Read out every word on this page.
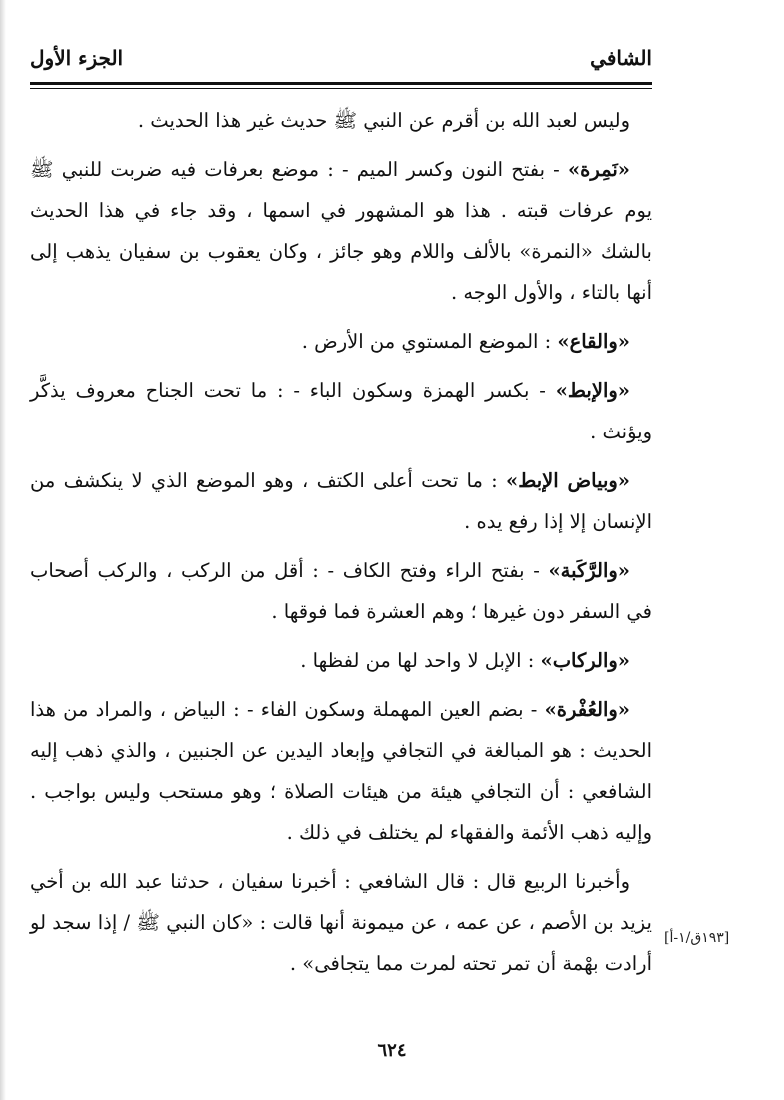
الشافي
الجزء الأول

وليس لعبد الله بن أقرم عن النبي ﷺ حديث غير هذا الحديث .

«نَمِرة» - بفتح النون وكسر الميم - : موضع بعرفات فيه ضربت للنبي ﷺ يوم عرفات قبته . هذا هو المشهور في اسمها ، وقد جاء في هذا الحديث بالشك «النمرة» بالألف واللام وهو جائز ، وكان يعقوب بن سفيان يذهب إلى أنها بالتاء ، والأول الوجه .

«والقاع» : الموضع المستوي من الأرض .

«والإبط» - بكسر الهمزة وسكون الباء - : ما تحت الجناح معروف يذكَّر ويؤنث .

«وبياض الإبط» : ما تحت أعلى الكتف ، وهو الموضع الذي لا ينكشف من الإنسان إلا إذا رفع يده .

«والرَّكَبة» - بفتح الراء وفتح الكاف - : أقل من الركب ، والركب أصحاب في السفر دون غيرها ؛ وهم العشرة فما فوقها .

«والركاب» : الإبل لا واحد لها من لفظها .

«والعُفْرة» - بضم العين المهملة وسكون الفاء - : البياض ، والمراد من هذا الحديث : هو المبالغة في التجافي وإبعاد اليدين عن الجنبين ، والذي ذهب إليه الشافعي : أن التجافي هيئة من هيئات الصلاة ؛ وهو مستحب وليس بواجب . وإليه ذهب الأئمة والفقهاء لم يختلف في ذلك .

وأخبرنا الربيع قال : قال الشافعي : أخبرنا سفيان ، حدثنا عبد الله بن أخي يزيد بن الأصم ، عن عمه ، عن ميمونة أنها قالت : «كان النبي ﷺ / إذا سجد لو أرادت بهْمة أن تمر تحته لمرت مما يتجافى» .

[١٩٣ق/١-أ]
٦٢٤
